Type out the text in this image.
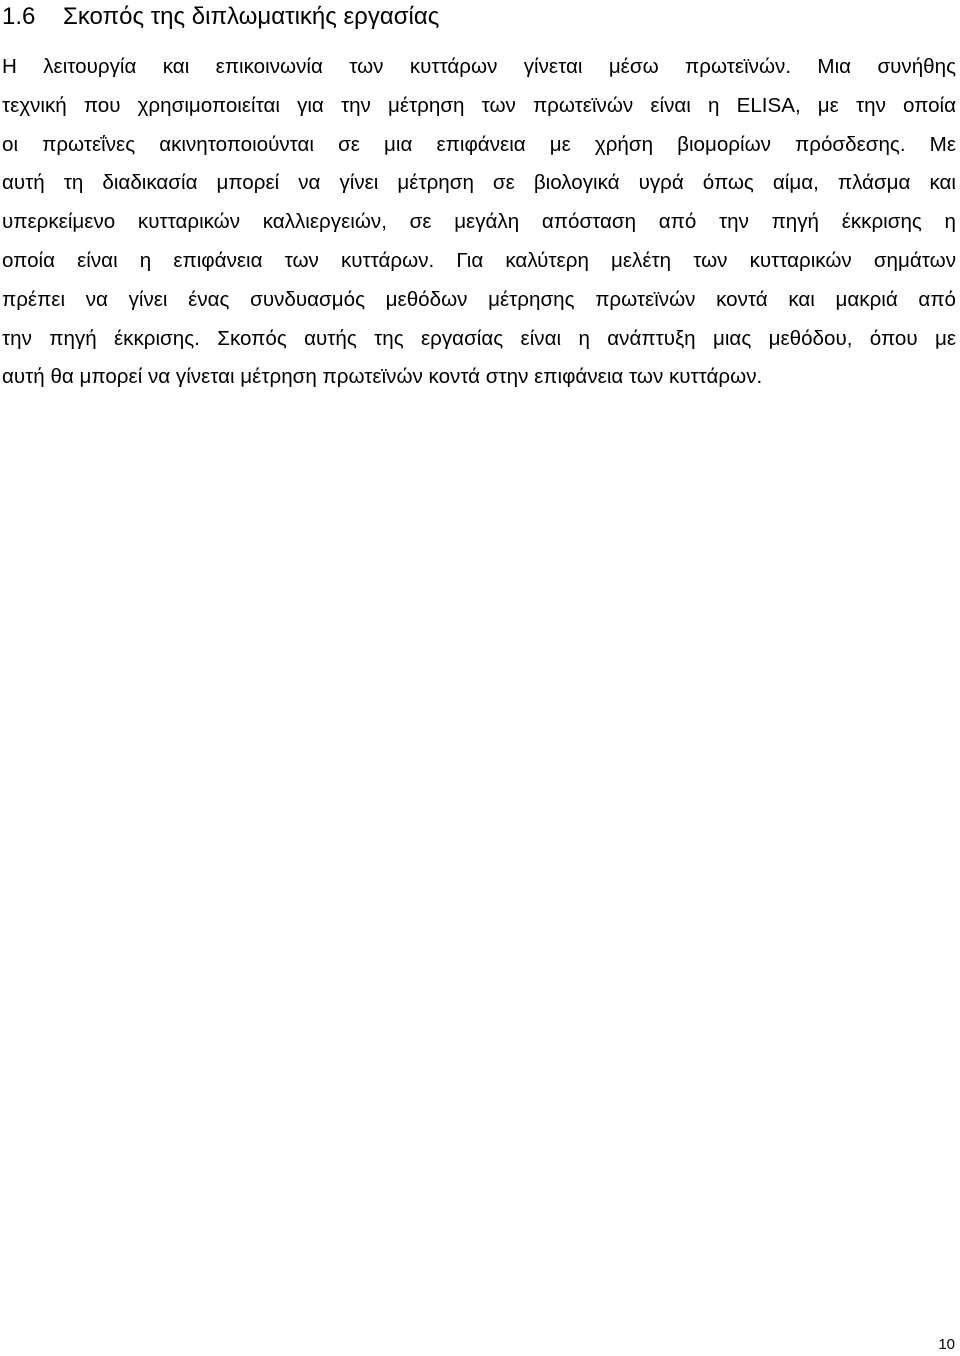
1.6 Σκοπός της διπλωματικής εργασίας
Η λειτουργία και επικοινωνία των κυττάρων γίνεται μέσω πρωτεϊνών. Μια συνήθης
τεχνική που χρησιμοποιείται για την μέτρηση των πρωτεϊνών είναι η ELISA, με την οποία
οι πρωτεΐνες ακινητοποιούνται σε μια επιφάνεια με χρήση βιομορίων πρόσδεσης. Με
αυτή τη διαδικασία μπορεί να γίνει μέτρηση σε βιολογικά υγρά όπως αίμα, πλάσμα και
υπερκείμενο κυτταρικών καλλιεργειών, σε μεγάλη απόσταση από την πηγή έκκρισης η
οποία είναι η επιφάνεια των κυττάρων. Για καλύτερη μελέτη των κυτταρικών σημάτων
πρέπει να γίνει ένας συνδυασμός μεθόδων μέτρησης πρωτεϊνών κοντά και μακριά από
την πηγή έκκρισης. Σκοπός αυτής της εργασίας είναι η ανάπτυξη μιας μεθόδου, όπου με
αυτή θα μπορεί να γίνεται μέτρηση πρωτεϊνών κοντά στην επιφάνεια των κυττάρων.
10
